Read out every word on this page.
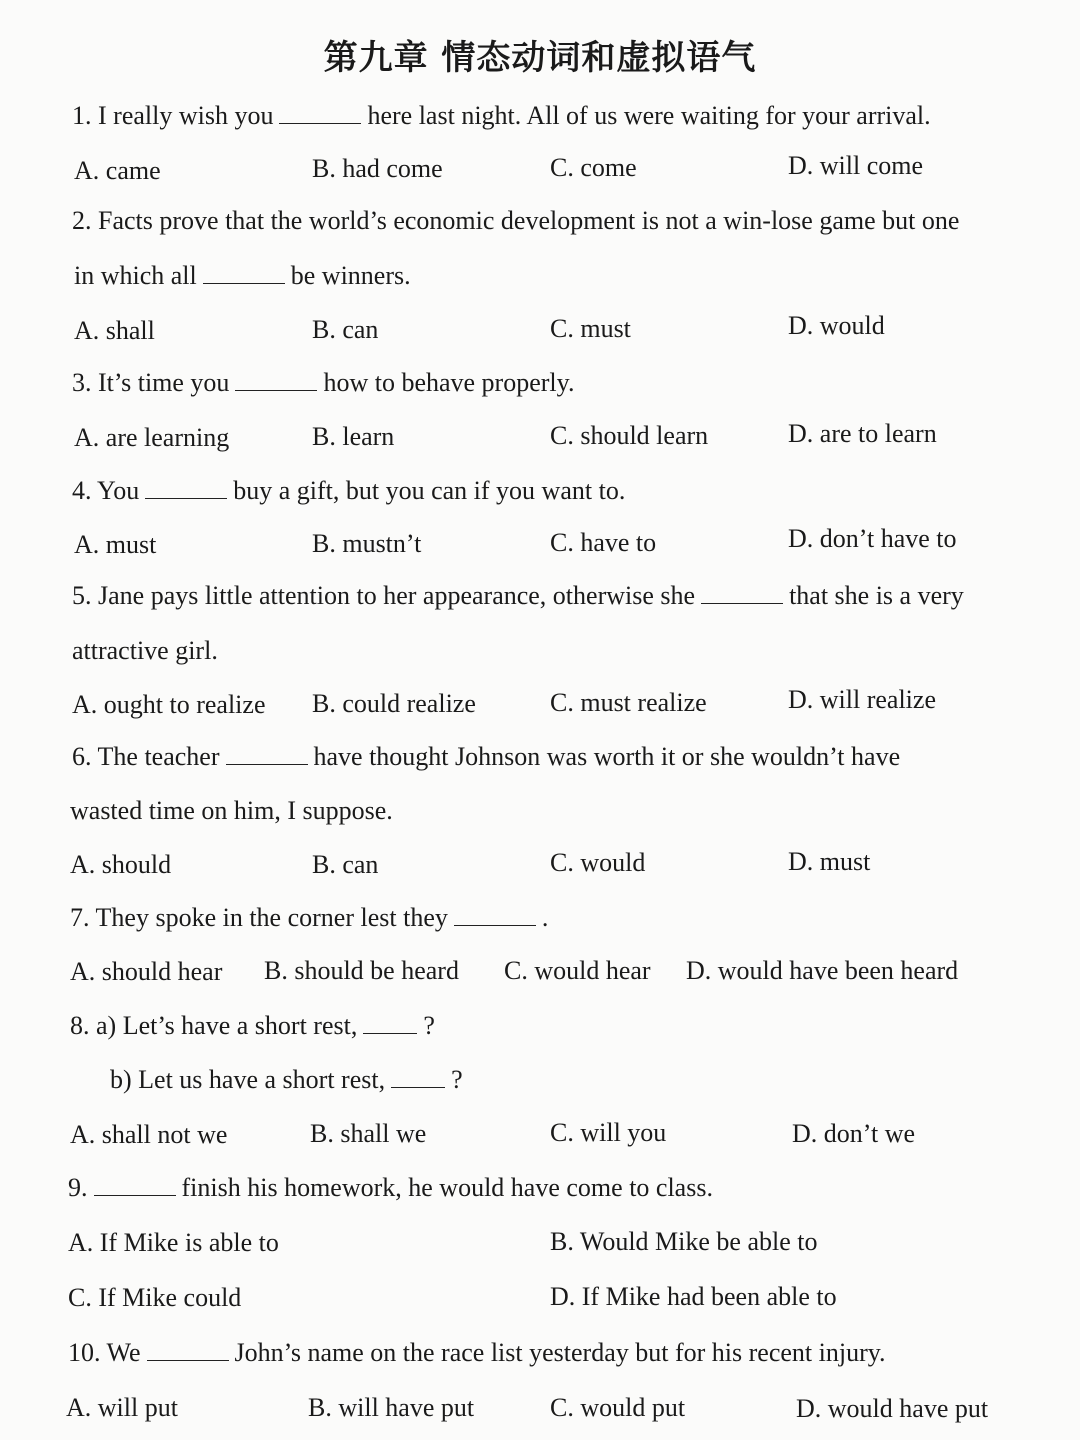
第九章 情态动词和虚拟语气
1. I really wish you	here last night. All of us were waiting for your arrival.
A. came	B. had come	C. come	D. will come
2. Facts prove that the world’s economic development is not a win-lose game but one
in which all	be winners.
A. shall	B. can	C. must	D. would
3. It’s time you	how to behave properly.
A. are learning	B. learn	C. should learn	D. are to learn
4. You	buy a gift, but you can if you want to.
A. must	B. mustn’t	C. have to	D. don’t have to
5. Jane pays little attention to her appearance, otherwise she	that she is a very
attractive girl.
A. ought to realize B. could realize	C. must realize	D. will realize
6. The teacher	have thought Johnson was worth it or she wouldn’t have
wasted time on him, I suppose.
A. should	B. can	C. would	D. must
7. They spoke in the corner lest they	.
A. should hear B. should be heard C. would hear D. would have been heard
8. a) Let’s have a short rest,	?
b) Let us have a short rest,	?
A. shall not we	B. shall we	C. will you	D. don’t we
9.	finish his homework, he would have come to class.
A. If Mike is able to	B. Would Mike be able to
C. If Mike could	D. If Mike had been able to
10. We	John’s name on the race list yesterday but for his recent injury.
A. will put	B. will have put	C. would put	D. would have put
